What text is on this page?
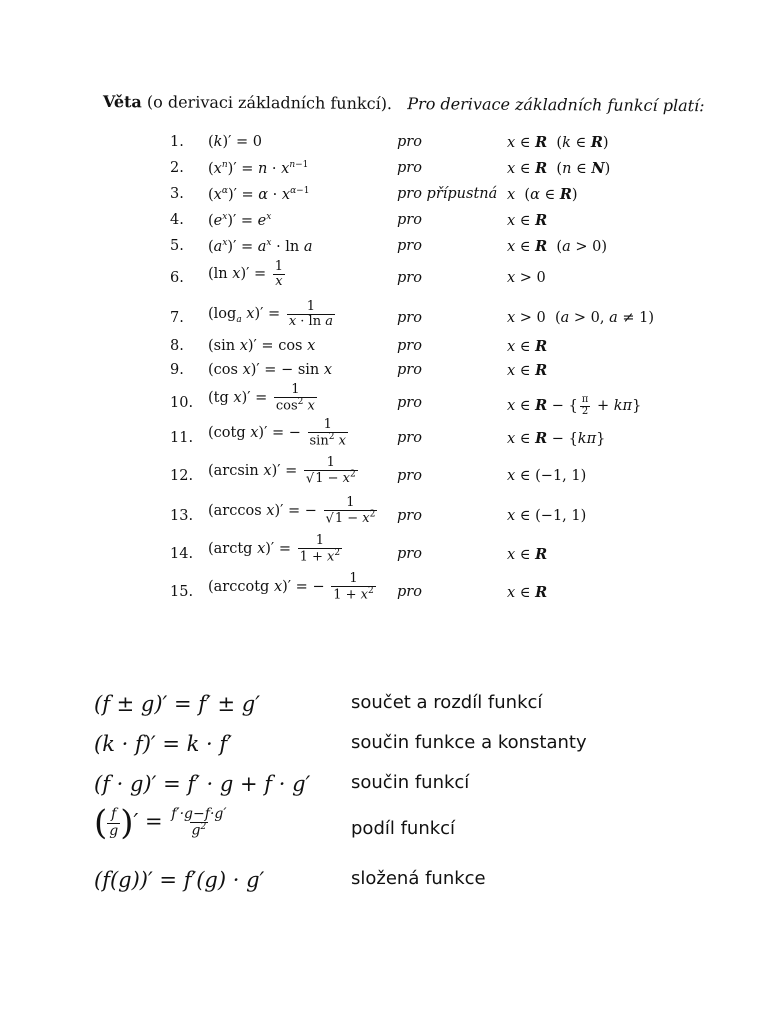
Věta (o derivaci základních funkcí). Pro derivace základních funkcí platí:
1.	(k)′ = 0	pro	x ∈ R  (k ∈ R)
2.	$(x^n)' = n \cdot x^{n-1}$	pro	x ∈ R  (n ∈ N)
3.	$(x^\alpha)' = \alpha \cdot x^{\alpha-1}$	pro přípustná x  (α ∈ R)
4.	$(e^x)' = e^x$	pro	x ∈ R
5.	$(a^x)' = a^x \cdot \ln a$	pro	x ∈ R  (a > 0)
6.	(ln $x)' = \frac{1}{x}$	pro	x > 0
7.	($\log_a$ $x)' = \frac{1}{\text{x · ln a}}$	pro	x > 0  (a > 0, a ≠ 1)
8.	(sin x)′ = cos x	pro	x ∈ R
9.	(cos x)′ = − sin x	pro	x ∈ R
10.	(tg $x)' = \frac{1}{\cos^2 x}$	pro	x ∈ R − { $\frac{\pi}{2} + k\pi$}
11.	(cotg x)′ = − $\frac{1}{\sin^2 x}$	pro	x ∈ R − {kπ}
12.	(arcsin $x)' = \frac{1}{√1 - x^2}$	pro	x ∈ (−1, 1)
13.	(arccos x)′ = − $\frac{1}{√1 - x^2}$ pro	x ∈ (−1, 1)
14.	(arctg $x)' = \frac{1}{1 + x^2}$	pro	x ∈ R
15.	(arccotg x)′ = − $\frac{1}{1 + x^2}$ pro	x ∈ R
(f ± g)′ = f′ ± g′	součet a rozdíl funkcí
(k · f)′ = k · f′	součin funkce a konstanty
(f · g)′ = f′ · g + f · g′ součin funkcí
( $\frac{f}{g}$ )′ = $\frac{f'\cdot g-f\cdot g'}{g^2}$	podíl funkcí
(f(g))′ = f′(g) · g′	složená funkce
